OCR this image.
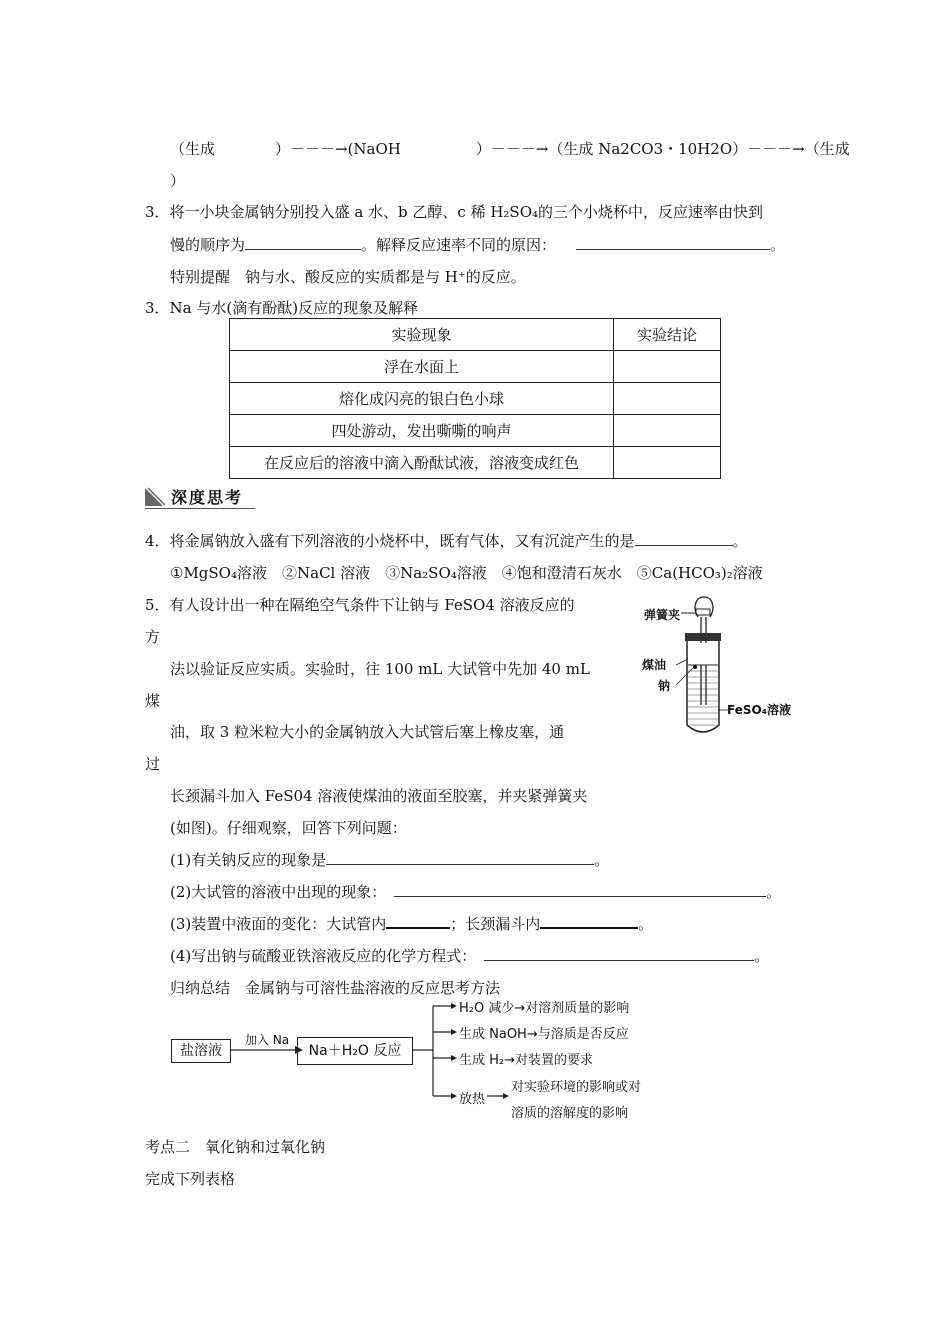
（生成　　　　）－－－→(NaOH　　　　　）－－－→（生成 Na2CO3・10H2O）－－－→（生成
）
3．将一小块金属钠分别投入盛 a 水、b 乙醇、c 稀 H₂SO₄的三个小烧杯中，反应速率由快到
慢的顺序为	。解释反应速率不同的原因：	。
特别提醒　钠与水、酸反应的实质都是与 H⁺的反应。
3．Na 与水(滴有酚酞)反应的现象及解释
实验现象	实验结论
浮在水面上	
熔化成闪亮的银白色小球	
四处游动，发出嘶嘶的响声	
在反应后的溶液中滴入酚酞试液，溶液变成红色	
深度思考
4．将金属钠放入盛有下列溶液的小烧杯中，既有气体，又有沉淀产生的是	。
①MgSO₄溶液　②NaCl 溶液　③Na₂SO₄溶液　④饱和澄清石灰水　⑤Ca(HCO₃)₂溶液
5．有人设计出一种在隔绝空气条件下让钠与 FeSO4 溶液反应的
方
法以验证反应实质。实验时，往 100 mL 大试管中先加 40 mL
煤
油，取 3 粒米粒大小的金属钠放入大试管后塞上橡皮塞，通
过
长颈漏斗加入 FeS04 溶液使煤油的液面至胶塞，并夹紧弹簧夹
(如图)。仔细观察，回答下列问题：
(1)有关钠反应的现象是	。
(2)大试管的溶液中出现的现象：	。
(3)装置中液面的变化：大试管内	；长颈漏斗内	。
(4)写出钠与硫酸亚铁溶液反应的化学方程式：	。
弹簧夹
煤油
钠
FeSO₄溶液
归纳总结　金属钠与可溶性盐溶液的反应思考方法
盐溶液
加入 Na
Na＋H₂O 反应
H₂O 减少→对溶剂质量的影响
生成 NaOH→与溶质是否反应
生成 H₂→对装置的要求
放热
对实验环境的影响或对
溶质的溶解度的影响
考点二　氧化钠和过氧化钠
完成下列表格
